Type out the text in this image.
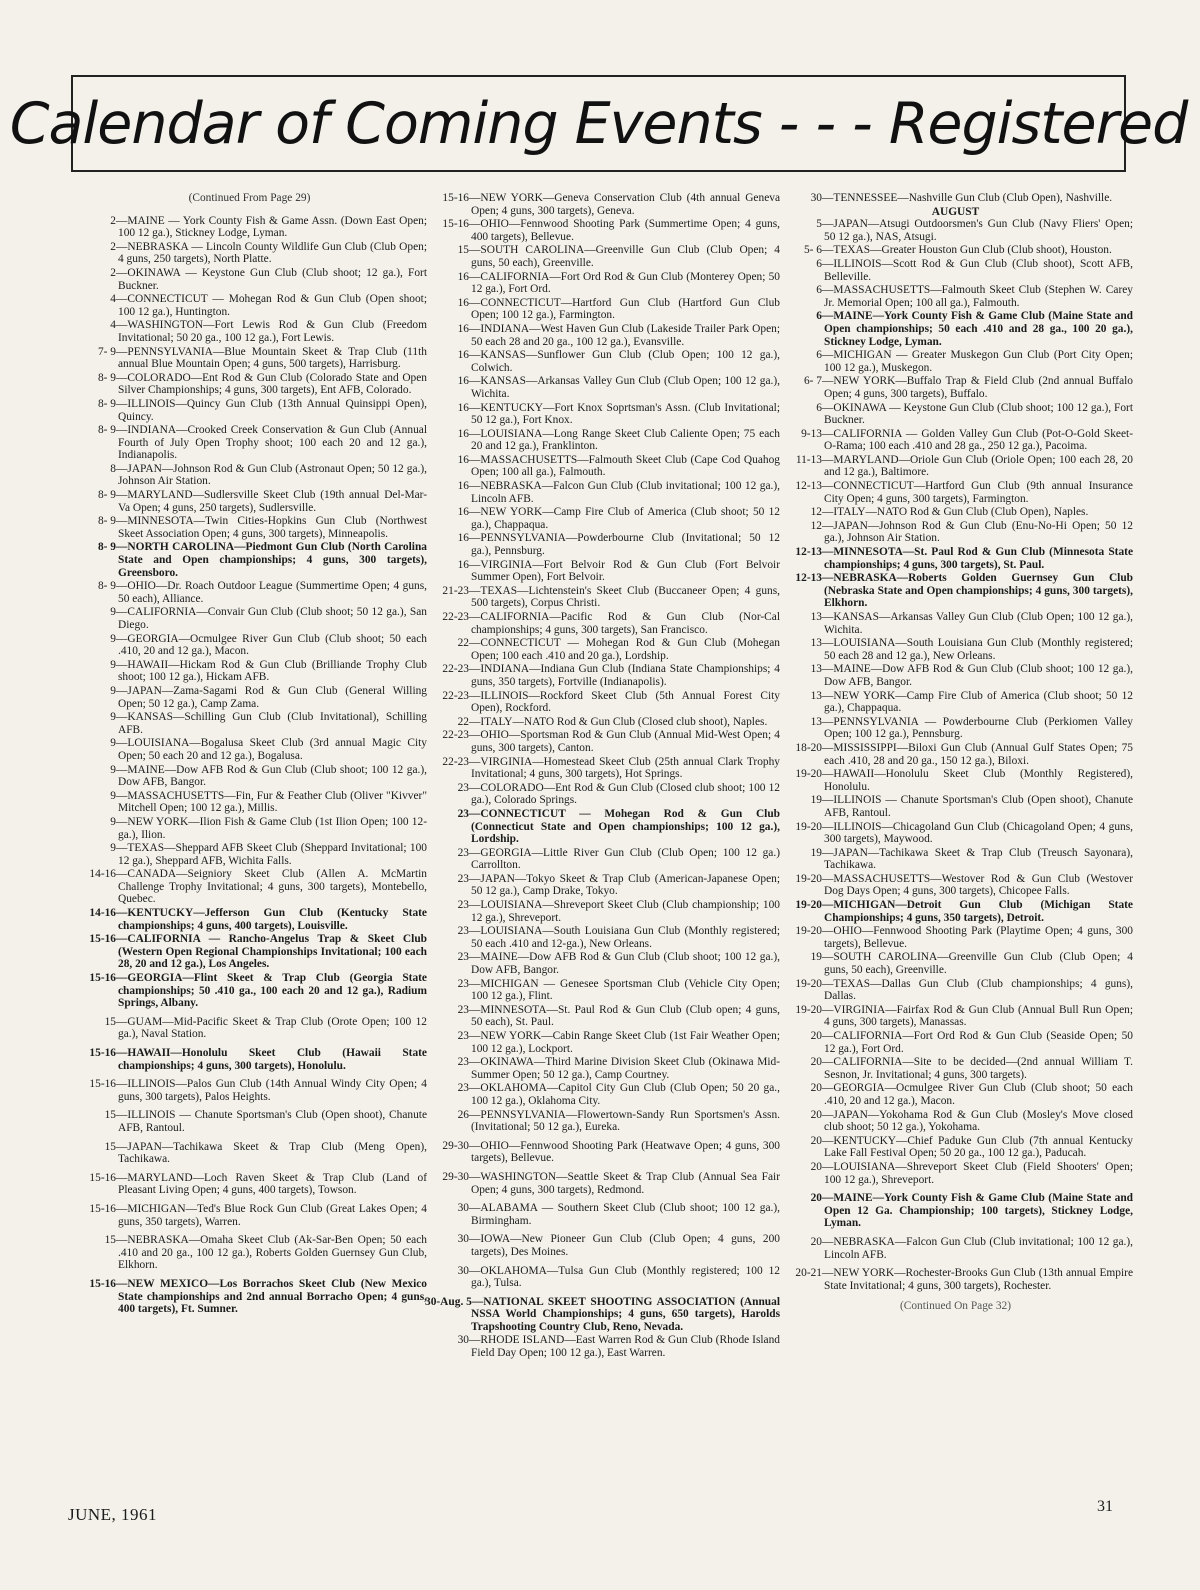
Calendar of Coming Events - - - Registered

(Continued From Page 29)

2—MAINE — York County Fish & Game Assn. (Down East Open; 100 12 ga.), Stickney Lodge, Lyman.

2—NEBRASKA — Lincoln County Wildlife Gun Club (Club Open; 4 guns, 250 targets), North Platte.

2—OKINAWA — Keystone Gun Club (Club shoot; 12 ga.), Fort Buckner.

4—CONNECTICUT — Mohegan Rod & Gun Club (Open shoot; 100 12 ga.), Huntington.

4—WASHINGTON—Fort Lewis Rod & Gun Club (Freedom Invitational; 50 20 ga., 100 12 ga.), Fort Lewis.

7- 9—PENNSYLVANIA—Blue Mountain Skeet & Trap Club (11th annual Blue Mountain Open; 4 guns, 500 targets), Harrisburg.

8- 9—COLORADO—Ent Rod & Gun Club (Colorado State and Open Silver Championships; 4 guns, 300 targets), Ent AFB, Colorado.

8- 9—ILLINOIS—Quincy Gun Club (13th Annual Quinsippi Open), Quincy.

8- 9—INDIANA—Crooked Creek Conservation & Gun Club (Annual Fourth of July Open Trophy shoot; 100 each 20 and 12 ga.), Indianapolis.

8—JAPAN—Johnson Rod & Gun Club (Astronaut Open; 50 12 ga.), Johnson Air Station.

8- 9—MARYLAND—Sudlersville Skeet Club (19th annual Del-Mar-Va Open; 4 guns, 250 targets), Sudlersville.

8- 9—MINNESOTA—Twin Cities-Hopkins Gun Club (Northwest Skeet Association Open; 4 guns, 300 targets), Minneapolis.

8- 9—NORTH CAROLINA—Piedmont Gun Club (North Carolina State and Open championships; 4 guns, 300 targets), Greensboro.

8- 9—OHIO—Dr. Roach Outdoor League (Summertime Open; 4 guns, 50 each), Alliance.

9—CALIFORNIA—Convair Gun Club (Club shoot; 50 12 ga.), San Diego.

9—GEORGIA—Ocmulgee River Gun Club (Club shoot; 50 each .410, 20 and 12 ga.), Macon.

9—HAWAII—Hickam Rod & Gun Club (Brilliande Trophy Club shoot; 100 12 ga.), Hickam AFB.

9—JAPAN—Zama-Sagami Rod & Gun Club (General Willing Open; 50 12 ga.), Camp Zama.

9—KANSAS—Schilling Gun Club (Club Invitational), Schilling AFB.

9—LOUISIANA—Bogalusa Skeet Club (3rd annual Magic City Open; 50 each 20 and 12 ga.), Bogalusa.

9—MAINE—Dow AFB Rod & Gun Club (Club shoot; 100 12 ga.), Dow AFB, Bangor.

9—MASSACHUSETTS—Fin, Fur & Feather Club (Oliver "Kivver" Mitchell Open; 100 12 ga.), Millis.

9—NEW YORK—Ilion Fish & Game Club (1st Ilion Open; 100 12-ga.), Ilion.

9—TEXAS—Sheppard AFB Skeet Club (Sheppard Invitational; 100 12 ga.), Sheppard AFB, Wichita Falls.

14-16—CANADA—Seigniory Skeet Club (Allen A. McMartin Challenge Trophy Invitational; 4 guns, 300 targets), Montebello, Quebec.

14-16—KENTUCKY—Jefferson Gun Club (Kentucky State championships; 4 guns, 400 targets), Louisville.

15-16—CALIFORNIA — Rancho-Angelus Trap & Skeet Club (Western Open Regional Championships Invitational; 100 each 28, 20 and 12 ga.), Los Angeles.

15-16—GEORGIA—Flint Skeet & Trap Club (Georgia State championships; 50 .410 ga., 100 each 20 and 12 ga.), Radium Springs, Albany.

15—GUAM—Mid-Pacific Skeet & Trap Club (Orote Open; 100 12 ga.), Naval Station.

15-16—HAWAII—Honolulu Skeet Club (Hawaii State championships; 4 guns, 300 targets), Honolulu.

15-16—ILLINOIS—Palos Gun Club (14th Annual Windy City Open; 4 guns, 300 targets), Palos Heights.

15—ILLINOIS — Chanute Sportsman's Club (Open shoot), Chanute AFB, Rantoul.

15—JAPAN—Tachikawa Skeet & Trap Club (Meng Open), Tachikawa.

15-16—MARYLAND—Loch Raven Skeet & Trap Club (Land of Pleasant Living Open; 4 guns, 400 targets), Towson.

15-16—MICHIGAN—Ted's Blue Rock Gun Club (Great Lakes Open; 4 guns, 350 targets), Warren.

15—NEBRASKA—Omaha Skeet Club (Ak-Sar-Ben Open; 50 each .410 and 20 ga., 100 12 ga.), Roberts Golden Guernsey Gun Club, Elkhorn.

15-16—NEW MEXICO—Los Borrachos Skeet Club (New Mexico State championships and 2nd annual Borracho Open; 4 guns, 400 targets), Ft. Sumner.

15-16—NEW YORK—Geneva Conservation Club (4th annual Geneva Open; 4 guns, 300 targets), Geneva.

15-16—OHIO—Fennwood Shooting Park (Summertime Open; 4 guns, 400 targets), Bellevue.

15—SOUTH CAROLINA—Greenville Gun Club (Club Open; 4 guns, 50 each), Greenville.

16—CALIFORNIA—Fort Ord Rod & Gun Club (Monterey Open; 50 12 ga.), Fort Ord.

16—CONNECTICUT—Hartford Gun Club (Hartford Gun Club Open; 100 12 ga.), Farmington.

16—INDIANA—West Haven Gun Club (Lakeside Trailer Park Open; 50 each 28 and 20 ga., 100 12 ga.), Evansville.

16—KANSAS—Sunflower Gun Club (Club Open; 100 12 ga.), Colwich.

16—KANSAS—Arkansas Valley Gun Club (Club Open; 100 12 ga.), Wichita.

16—KENTUCKY—Fort Knox Soprtsman's Assn. (Club Invitational; 50 12 ga.), Fort Knox.

16—LOUISIANA—Long Range Skeet Club Caliente Open; 75 each 20 and 12 ga.), Franklinton.

16—MASSACHUSETTS—Falmouth Skeet Club (Cape Cod Quahog Open; 100 all ga.), Falmouth.

16—NEBRASKA—Falcon Gun Club (Club invitational; 100 12 ga.), Lincoln AFB.

16—NEW YORK—Camp Fire Club of America (Club shoot; 50 12 ga.), Chappaqua.

16—PENNSYLVANIA—Powderbourne Club (Invitational; 50 12 ga.), Pennsburg.

16—VIRGINIA—Fort Belvoir Rod & Gun Club (Fort Belvoir Summer Open), Fort Belvoir.

21-23—TEXAS—Lichtenstein's Skeet Club (Buccaneer Open; 4 guns, 500 targets), Corpus Christi.

22-23—CALIFORNIA—Pacific Rod & Gun Club (Nor-Cal championships; 4 guns, 300 targets), San Francisco.

22—CONNECTICUT — Mohegan Rod & Gun Club (Mohegan Open; 100 each .410 and 20 ga.), Lordship.

22-23—INDIANA—Indiana Gun Club (Indiana State Championships; 4 guns, 350 targets), Fortville (Indianapolis).

22-23—ILLINOIS—Rockford Skeet Club (5th Annual Forest City Open), Rockford.

22—ITALY—NATO Rod & Gun Club (Closed club shoot), Naples.

22-23—OHIO—Sportsman Rod & Gun Club (Annual Mid-West Open; 4 guns, 300 targets), Canton.

22-23—VIRGINIA—Homestead Skeet Club (25th annual Clark Trophy Invitational; 4 guns, 300 targets), Hot Springs.

23—COLORADO—Ent Rod & Gun Club (Closed club shoot; 100 12 ga.), Colorado Springs.

23—CONNECTICUT — Mohegan Rod & Gun Club (Connecticut State and Open championships; 100 12 ga.), Lordship.

23—GEORGIA—Little River Gun Club (Club Open; 100 12 ga.) Carrollton.

23—JAPAN—Tokyo Skeet & Trap Club (American-Japanese Open; 50 12 ga.), Camp Drake, Tokyo.

23—LOUISIANA—Shreveport Skeet Club (Club championship; 100 12 ga.), Shreveport.

23—LOUISIANA—South Louisiana Gun Club (Monthly registered; 50 each .410 and 12-ga.), New Orleans.

23—MAINE—Dow AFB Rod & Gun Club (Club shoot; 100 12 ga.), Dow AFB, Bangor.

23—MICHIGAN — Genesee Sportsman Club (Vehicle City Open; 100 12 ga.), Flint.

23—MINNESOTA—St. Paul Rod & Gun Club (Club open; 4 guns, 50 each), St. Paul.

23—NEW YORK—Cabin Range Skeet Club (1st Fair Weather Open; 100 12 ga.), Lockport.

23—OKINAWA—Third Marine Division Skeet Club (Okinawa Mid-Summer Open; 50 12 ga.), Camp Courtney.

23—OKLAHOMA—Capitol City Gun Club (Club Open; 50 20 ga., 100 12 ga.), Oklahoma City.

26—PENNSYLVANIA—Flowertown-Sandy Run Sportsmen's Assn. (Invitational; 50 12 ga.), Eureka.

29-30—OHIO—Fennwood Shooting Park (Heatwave Open; 4 guns, 300 targets), Bellevue.

29-30—WASHINGTON—Seattle Skeet & Trap Club (Annual Sea Fair Open; 4 guns, 300 targets), Redmond.

30—ALABAMA — Southern Skeet Club (Club shoot; 100 12 ga.), Birmingham.

30—IOWA—New Pioneer Gun Club (Club Open; 4 guns, 200 targets), Des Moines.

30—OKLAHOMA—Tulsa Gun Club (Monthly registered; 100 12 ga.), Tulsa.

30-Aug. 5—NATIONAL SKEET SHOOTING ASSOCIATION (Annual NSSA World Championships; 4 guns, 650 targets), Harolds Trapshooting Country Club, Reno, Nevada.

30—RHODE ISLAND—East Warren Rod & Gun Club (Rhode Island Field Day Open; 100 12 ga.), East Warren.

30—TENNESSEE—Nashville Gun Club (Club Open), Nashville.

AUGUST

5—JAPAN—Atsugi Outdoorsmen's Gun Club (Navy Fliers' Open; 50 12 ga.), NAS, Atsugi.

5- 6—TEXAS—Greater Houston Gun Club (Club shoot), Houston.

6—ILLINOIS—Scott Rod & Gun Club (Club shoot), Scott AFB, Belleville.

6—MASSACHUSETTS—Falmouth Skeet Club (Stephen W. Carey Jr. Memorial Open; 100 all ga.), Falmouth.

6—MAINE—York County Fish & Game Club (Maine State and Open championships; 50 each .410 and 28 ga., 100 20 ga.), Stickney Lodge, Lyman.

6—MICHIGAN — Greater Muskegon Gun Club (Port City Open; 100 12 ga.), Muskegon.

6- 7—NEW YORK—Buffalo Trap & Field Club (2nd annual Buffalo Open; 4 guns, 300 targets), Buffalo.

6—OKINAWA — Keystone Gun Club (Club shoot; 100 12 ga.), Fort Buckner.

9-13—CALIFORNIA — Golden Valley Gun Club (Pot-O-Gold Skeet-O-Rama; 100 each .410 and 28 ga., 250 12 ga.), Pacoima.

11-13—MARYLAND—Oriole Gun Club (Oriole Open; 100 each 28, 20 and 12 ga.), Baltimore.

12-13—CONNECTICUT—Hartford Gun Club (9th annual Insurance City Open; 4 guns, 300 targets), Farmington.

12—ITALY—NATO Rod & Gun Club (Club Open), Naples.

12—JAPAN—Johnson Rod & Gun Club (Enu-No-Hi Open; 50 12 ga.), Johnson Air Station.

12-13—MINNESOTA—St. Paul Rod & Gun Club (Minnesota State championships; 4 guns, 300 targets), St. Paul.

12-13—NEBRASKA—Roberts Golden Guernsey Gun Club (Nebraska State and Open championships; 4 guns, 300 targets), Elkhorn.

13—KANSAS—Arkansas Valley Gun Club (Club Open; 100 12 ga.), Wichita.

13—LOUISIANA—South Louisiana Gun Club (Monthly registered; 50 each 28 and 12 ga.), New Orleans.

13—MAINE—Dow AFB Rod & Gun Club (Club shoot; 100 12 ga.), Dow AFB, Bangor.

13—NEW YORK—Camp Fire Club of America (Club shoot; 50 12 ga.), Chappaqua.

13—PENNSYLVANIA — Powderbourne Club (Perkiomen Valley Open; 100 12 ga.), Pennsburg.

18-20—MISSISSIPPI—Biloxi Gun Club (Annual Gulf States Open; 75 each .410, 28 and 20 ga., 150 12 ga.), Biloxi.

19-20—HAWAII—Honolulu Skeet Club (Monthly Registered), Honolulu.

19—ILLINOIS — Chanute Sportsman's Club (Open shoot), Chanute AFB, Rantoul.

19-20—ILLINOIS—Chicagoland Gun Club (Chicagoland Open; 4 guns, 300 targets), Maywood.

19—JAPAN—Tachikawa Skeet & Trap Club (Treusch Sayonara), Tachikawa.

19-20—MASSACHUSETTS—Westover Rod & Gun Club (Westover Dog Days Open; 4 guns, 300 targets), Chicopee Falls.

19-20—MICHIGAN—Detroit Gun Club (Michigan State Championships; 4 guns, 350 targets), Detroit.

19-20—OHIO—Fennwood Shooting Park (Playtime Open; 4 guns, 300 targets), Bellevue.

19—SOUTH CAROLINA—Greenville Gun Club (Club Open; 4 guns, 50 each), Greenville.

19-20—TEXAS—Dallas Gun Club (Club championships; 4 guns), Dallas.

19-20—VIRGINIA—Fairfax Rod & Gun Club (Annual Bull Run Open; 4 guns, 300 targets), Manassas.

20—CALIFORNIA—Fort Ord Rod & Gun Club (Seaside Open; 50 12 ga.), Fort Ord.

20—CALIFORNIA—Site to be decided—(2nd annual William T. Sesnon, Jr. Invitational; 4 guns, 300 targets).

20—GEORGIA—Ocmulgee River Gun Club (Club shoot; 50 each .410, 20 and 12 ga.), Macon.

20—JAPAN—Yokohama Rod & Gun Club (Mosley's Move closed club shoot; 50 12 ga.), Yokohama.

20—KENTUCKY—Chief Paduke Gun Club (7th annual Kentucky Lake Fall Festival Open; 50 20 ga., 100 12 ga.), Paducah.

20—LOUISIANA—Shreveport Skeet Club (Field Shooters' Open; 100 12 ga.), Shreveport.

20—MAINE—York County Fish & Game Club (Maine State and Open 12 Ga. Championship; 100 targets), Stickney Lodge, Lyman.

20—NEBRASKA—Falcon Gun Club (Club invitational; 100 12 ga.), Lincoln AFB.

20-21—NEW YORK—Rochester-Brooks Gun Club (13th annual Empire State Invitational; 4 guns, 300 targets), Rochester.

(Continued On Page 32)

JUNE, 1961	31
